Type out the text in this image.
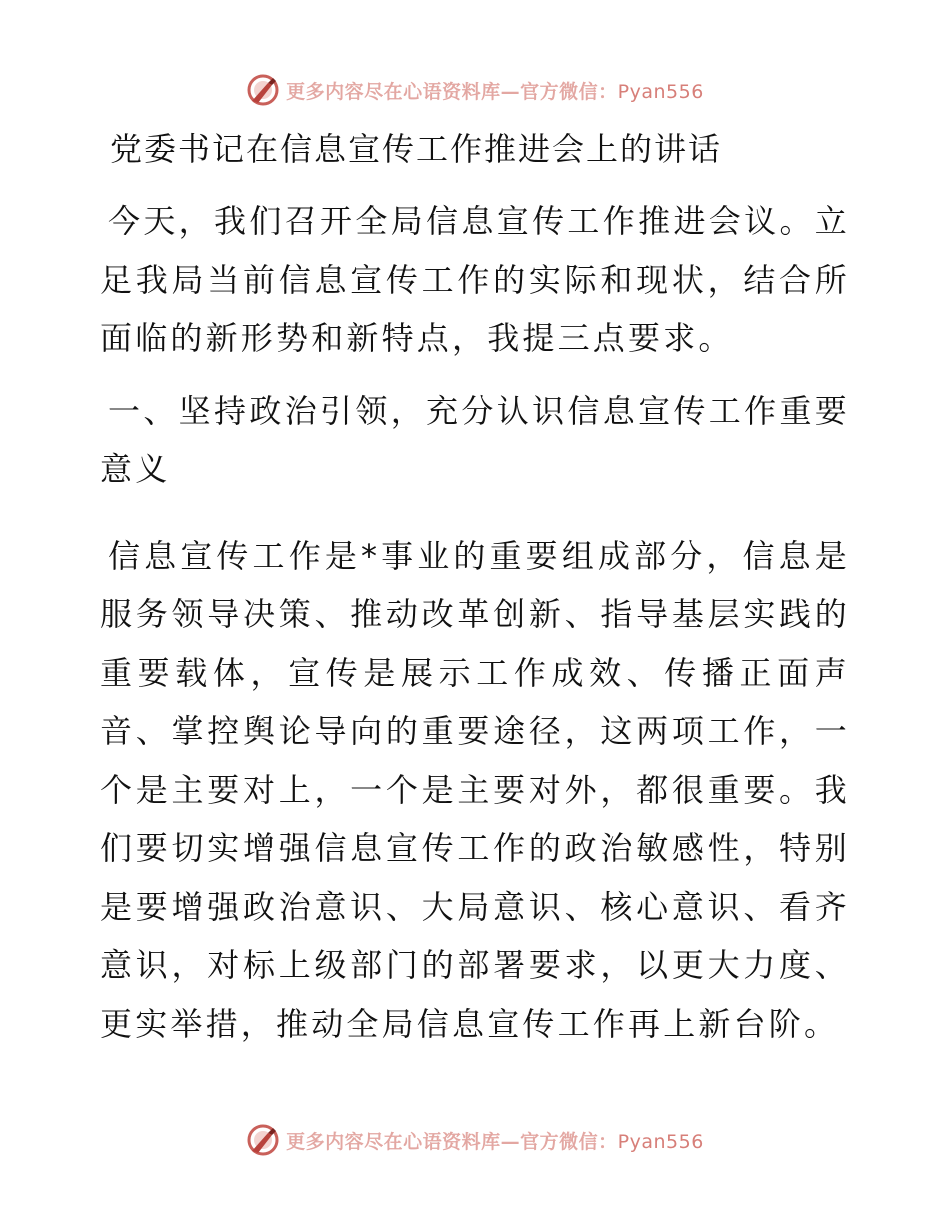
更多内容尽在心语资料库—官方微信：Pyan556
党委书记在信息宣传工作推进会上的讲话

今天，我们召开全局信息宣传工作推进会议。立足我局当前信息宣传工作的实际和现状，结合所面临的新形势和新特点，我提三点要求。

一、坚持政治引领，充分认识信息宣传工作重要意义

信息宣传工作是*事业的重要组成部分，信息是服务领导决策、推动改革创新、指导基层实践的重要载体，宣传是展示工作成效、传播正面声音、掌控舆论导向的重要途径，这两项工作，一个是主要对上，一个是主要对外，都很重要。我们要切实增强信息宣传工作的政治敏感性，特别是要增强政治意识、大局意识、核心意识、看齐意识，对标上级部门的部署要求，以更大力度、更实举措，推动全局信息宣传工作再上新台阶。

更多内容尽在心语资料库—官方微信：Pyan556
